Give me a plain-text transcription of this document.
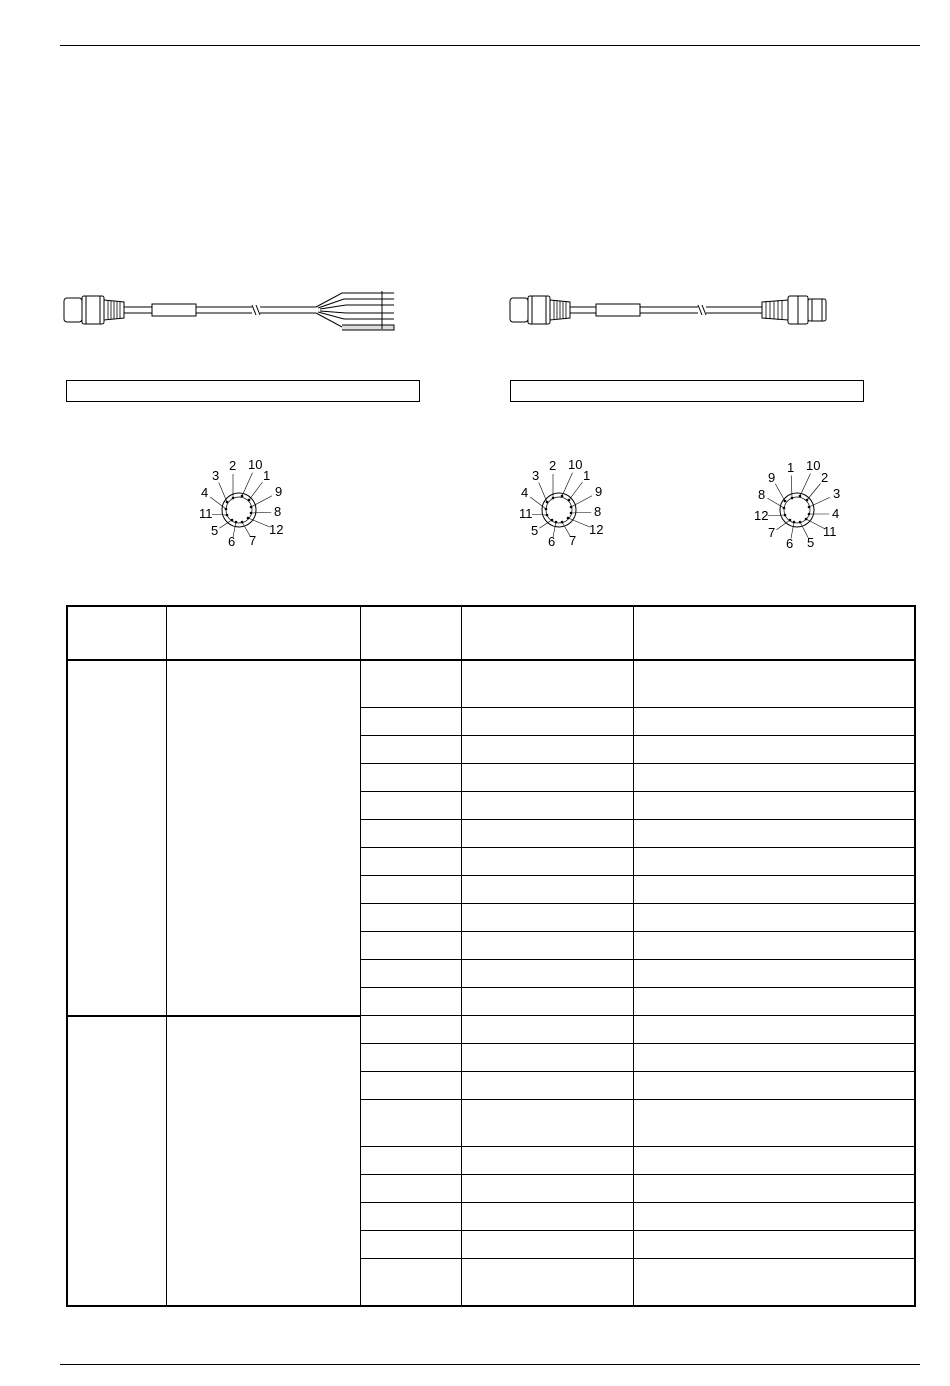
2 10
1
3
4	9
11	8
5	12
6 7
2 10
1
3
4	9
11	8
5	12
6 7
1 10
9	2
8	3
12	4
7	11
6 5
